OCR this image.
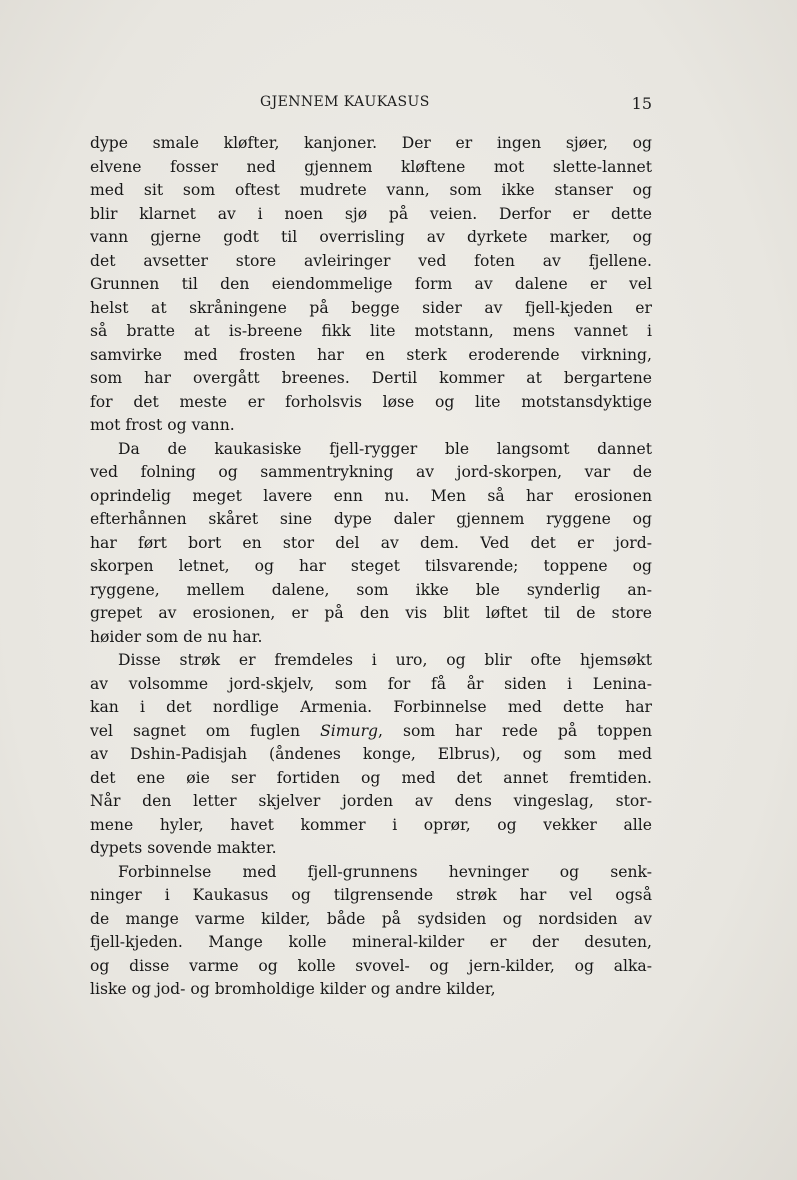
GJENNEM KAUKASUS	15
dype smale kløfter, kanjoner. Der er ingen sjøer, og
elvene fosser ned gjennem kløftene mot slette-lannet
med sit som oftest mudrete vann, som ikke stanser og
blir klarnet av i noen sjø på veien. Derfor er dette
vann gjerne godt til overrisling av dyrkete marker, og
det avsetter store avleiringer ved foten av fjellene.
Grunnen til den eiendommelige form av dalene er vel
helst at skråningene på begge sider av fjell-kjeden er
så bratte at is-breene fikk lite motstann, mens vannet i
samvirke med frosten har en sterk eroderende virkning,
som har overgått breenes. Dertil kommer at bergartene
for det meste er forholsvis løse og lite motstansdyktige
mot frost og vann.
Da de kaukasiske fjell-rygger ble langsomt dannet
ved folning og sammentrykning av jord-skorpen, var de
oprindelig meget lavere enn nu. Men så har erosionen
efterhånnen skåret sine dype daler gjennem ryggene og
har ført bort en stor del av dem. Ved det er jord-
skorpen letnet, og har steget tilsvarende; toppene og
ryggene, mellem dalene, som ikke ble synderlig an-
grepet av erosionen, er på den vis blit løftet til de store
høider som de nu har.
Disse strøk er fremdeles i uro, og blir ofte hjemsøkt
av volsomme jord-skjelv, som for få år siden i Lenina-
kan i det nordlige Armenia. Forbinnelse med dette har
vel sagnet om fuglen Simurg, som har rede på toppen
av Dshin-Padisjah (åndenes konge, Elbrus), og som med
det ene øie ser fortiden og med det annet fremtiden.
Når den letter skjelver jorden av dens vingeslag, stor-
mene hyler, havet kommer i oprør, og vekker alle
dypets sovende makter.
Forbinnelse med fjell-grunnens hevninger og senk-
ninger i Kaukasus og tilgrensende strøk har vel også
de mange varme kilder, både på sydsiden og nordsiden av
fjell-kjeden. Mange kolle mineral-kilder er der desuten,
og disse varme og kolle svovel- og jern-kilder, og alka-
liske og jod- og bromholdige kilder og andre kilder,
